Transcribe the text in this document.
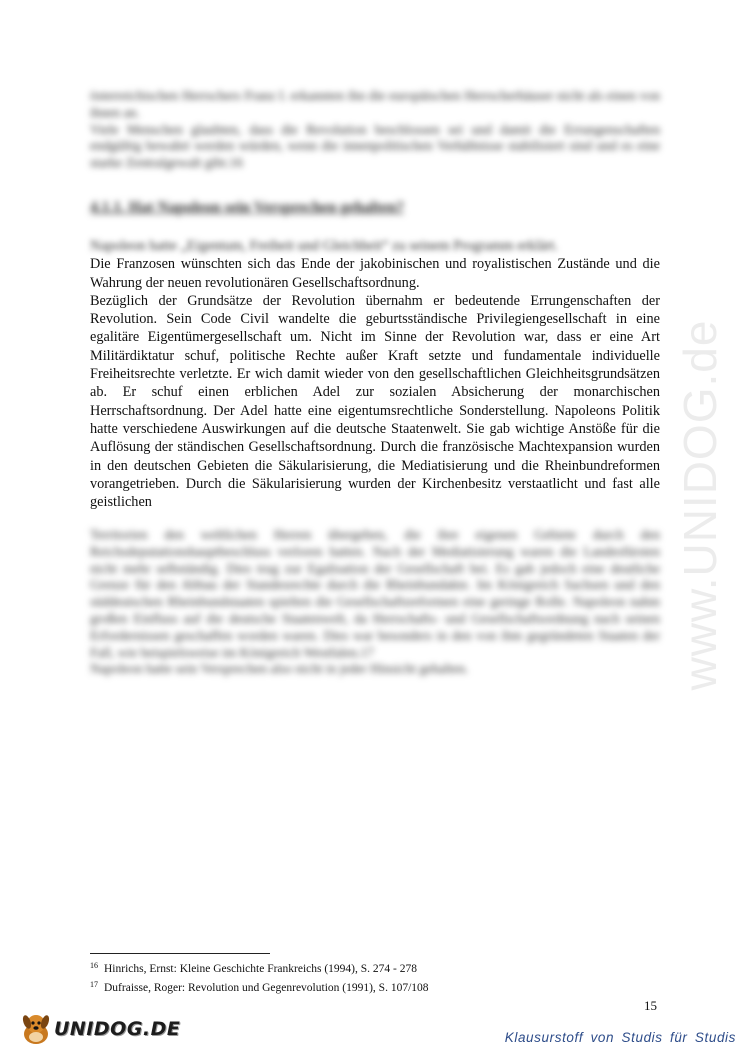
www.UNIDOG.de

österreichischen Herrschers Franz I. erkannten ihn die europäischen Herrscherhäuser nicht als einen von ihnen an.

Viele Menschen glaubten, dass die Revolution beschlossen sei und damit die Errungenschaften endgültig bewahrt werden würden, wenn die innenpolitischen Verhältnisse stabilisiert sind und es eine starke Zentralgewalt gibt.16

4.1.1. Hat Napoleon sein Versprechen gehalten?

Napoleon hatte „Eigentum, Freiheit und Gleichheit“ zu seinem Programm erklärt.

Die Franzosen wünschten sich das Ende der jakobinischen und royalistischen Zustände und die Wahrung der neuen revolutionären Gesellschaftsordnung.

Bezüglich der Grundsätze der Revolution übernahm er bedeutende Errungenschaften der Revolution. Sein Code Civil wandelte die geburtsständische Privilegiengesellschaft in eine egalitäre Eigentümergesellschaft um. Nicht im Sinne der Revolution war, dass er eine Art Militärdiktatur schuf, politische Rechte außer Kraft setzte und fundamentale individuelle Freiheitsrechte verletzte. Er wich damit wieder von den gesellschaftlichen Gleichheitsgrundsätzen ab. Er schuf einen erblichen Adel zur sozialen Absicherung der monarchischen Herrschaftsordnung. Der Adel hatte eine eigentumsrechtliche Sonderstellung. Napoleons Politik hatte verschiedene Auswirkungen auf die deutsche Staatenwelt. Sie gab wichtige Anstöße für die Auflösung der ständischen Gesellschaftsordnung. Durch die französische Machtexpansion wurden in den deutschen Gebieten die Säkularisierung, die Mediatisierung und die Rheinbundreformen vorangetrieben. Durch die Säkularisierung wurden der Kirchenbesitz verstaatlicht und fast alle geistlichen

Territorien den weltlichen Herren übergeben, die ihre eigenen Gebiete durch den Reichsdeputationshauptbeschluss verloren hatten. Nach der Mediatisierung waren die Landesfürsten nicht mehr selbständig. Dies trug zur Egalisation der Gesellschaft bei. Es gab jedoch eine deutliche Grenze für den Abbau der Standesrechte durch die Rheinbundakte. Im Königreich Sachsen und den süddeutschen Rheinbundstaaten spielten die Gesellschaftsreformen eine geringe Rolle. Napoleon nahm großen Einfluss auf die deutsche Staatenwelt, da Herrschafts- und Gesellschaftsordnung nach seinen Erfordernissen geschaffen worden waren. Dies war besonders in den von ihm gegründeten Staaten der Fall, wie beispielsweise im Königreich Westfalen.17

Napoleon hatte sein Versprechen also nicht in jeder Hinsicht gehalten.

$^{16}$ Hinrichs, Ernst: Kleine Geschichte Frankreichs (1994), S. 274 - 278

$^{17}$ Dufraisse, Roger: Revolution und Gegenrevolution (1991), S. 107/108

15
UNIDOG.DE	Klausurstoff von Studis für Studis
